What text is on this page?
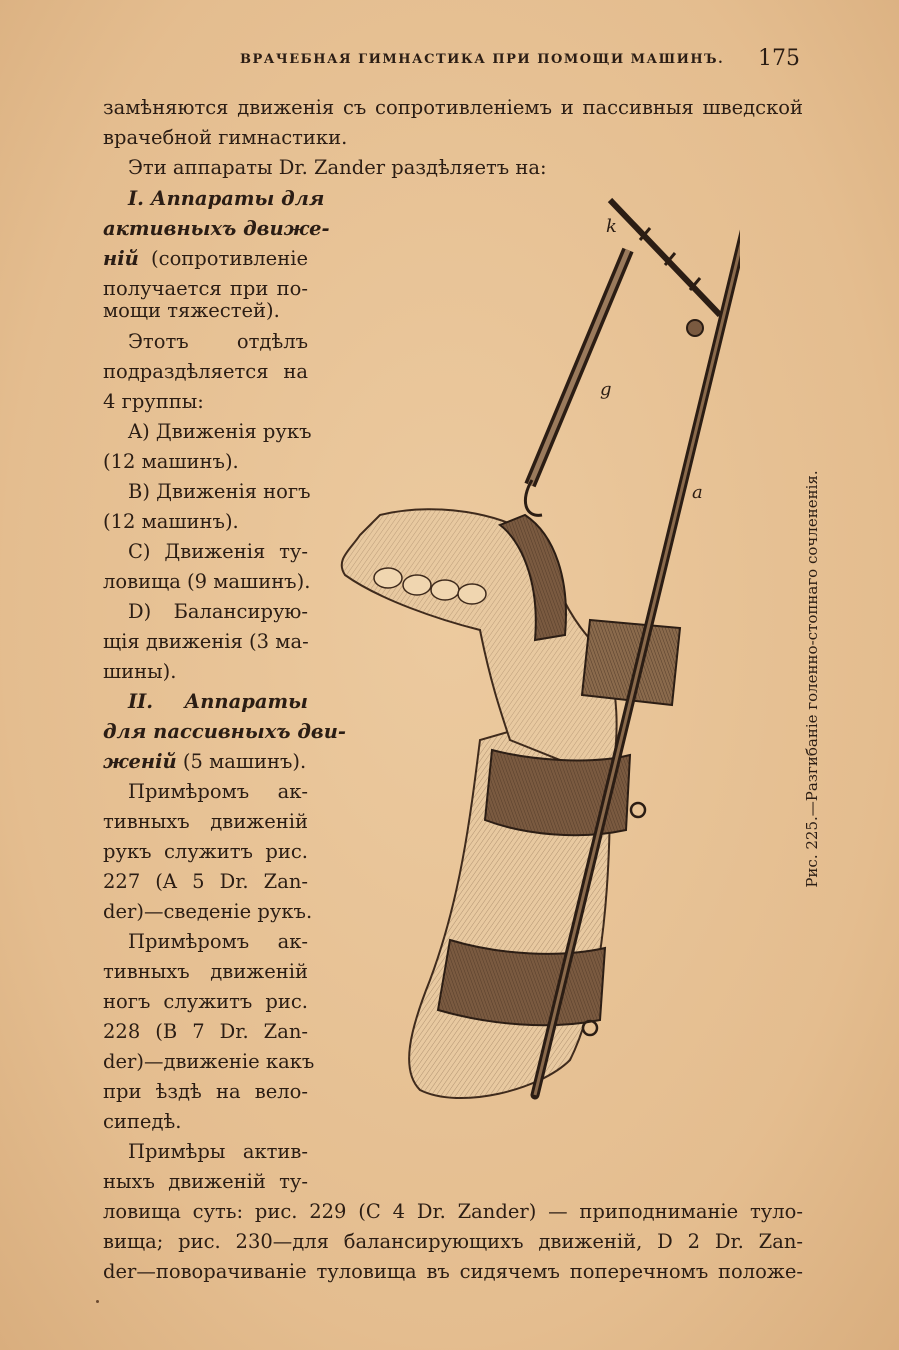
ВРАЧЕБНАЯ ГИМНАСТИКА ПРИ ПОМОЩИ МАШИНЪ. 175
замѣняются движенія съ сопротивленіемъ и пассивныя шведской
врачебной гимнастики.
Эти аппараты Dr. Zander раздѣляетъ на:
I. Аппараты для
активныхъ движе-
ній (сопротивленіе
получается при по-
мощи тяжестей).
Этотъ отдѣлъ
подраздѣляется на
4 группы:
A) Движенія рукъ
(12 машинъ).
B) Движенія ногъ
(12 машинъ).
C) Движенія ту-
ловища (9 машинъ).
D) Балансирую-
щія движенія (3 ма-
шины).
II. Аппараты
для пассивныхъ дви-
женій (5 машинъ).
Примѣромъ ак-
тивныхъ движеній
рукъ служитъ рис.
227 (A 5 Dr. Zan-
der)—сведеніе рукъ.
Примѣромъ ак-
тивныхъ движеній
ногъ служитъ рис.
228 (B 7 Dr. Zan-
der)—движеніе какъ
при ѣздѣ на вело-
сипедѣ.
Примѣры актив-
ныхъ движеній ту-
ловища суть: рис. 229 (C 4 Dr. Zander) — приподниманіе туло-
вища; рис. 230—для балансирующихъ движеній, D 2 Dr. Zan-
der—поворачиваніе туловища въ сидячемъ поперечномъ положе-
k
g
a	Рис. 225.—Разгибаніе голенно-стопнаго сочлененія.
